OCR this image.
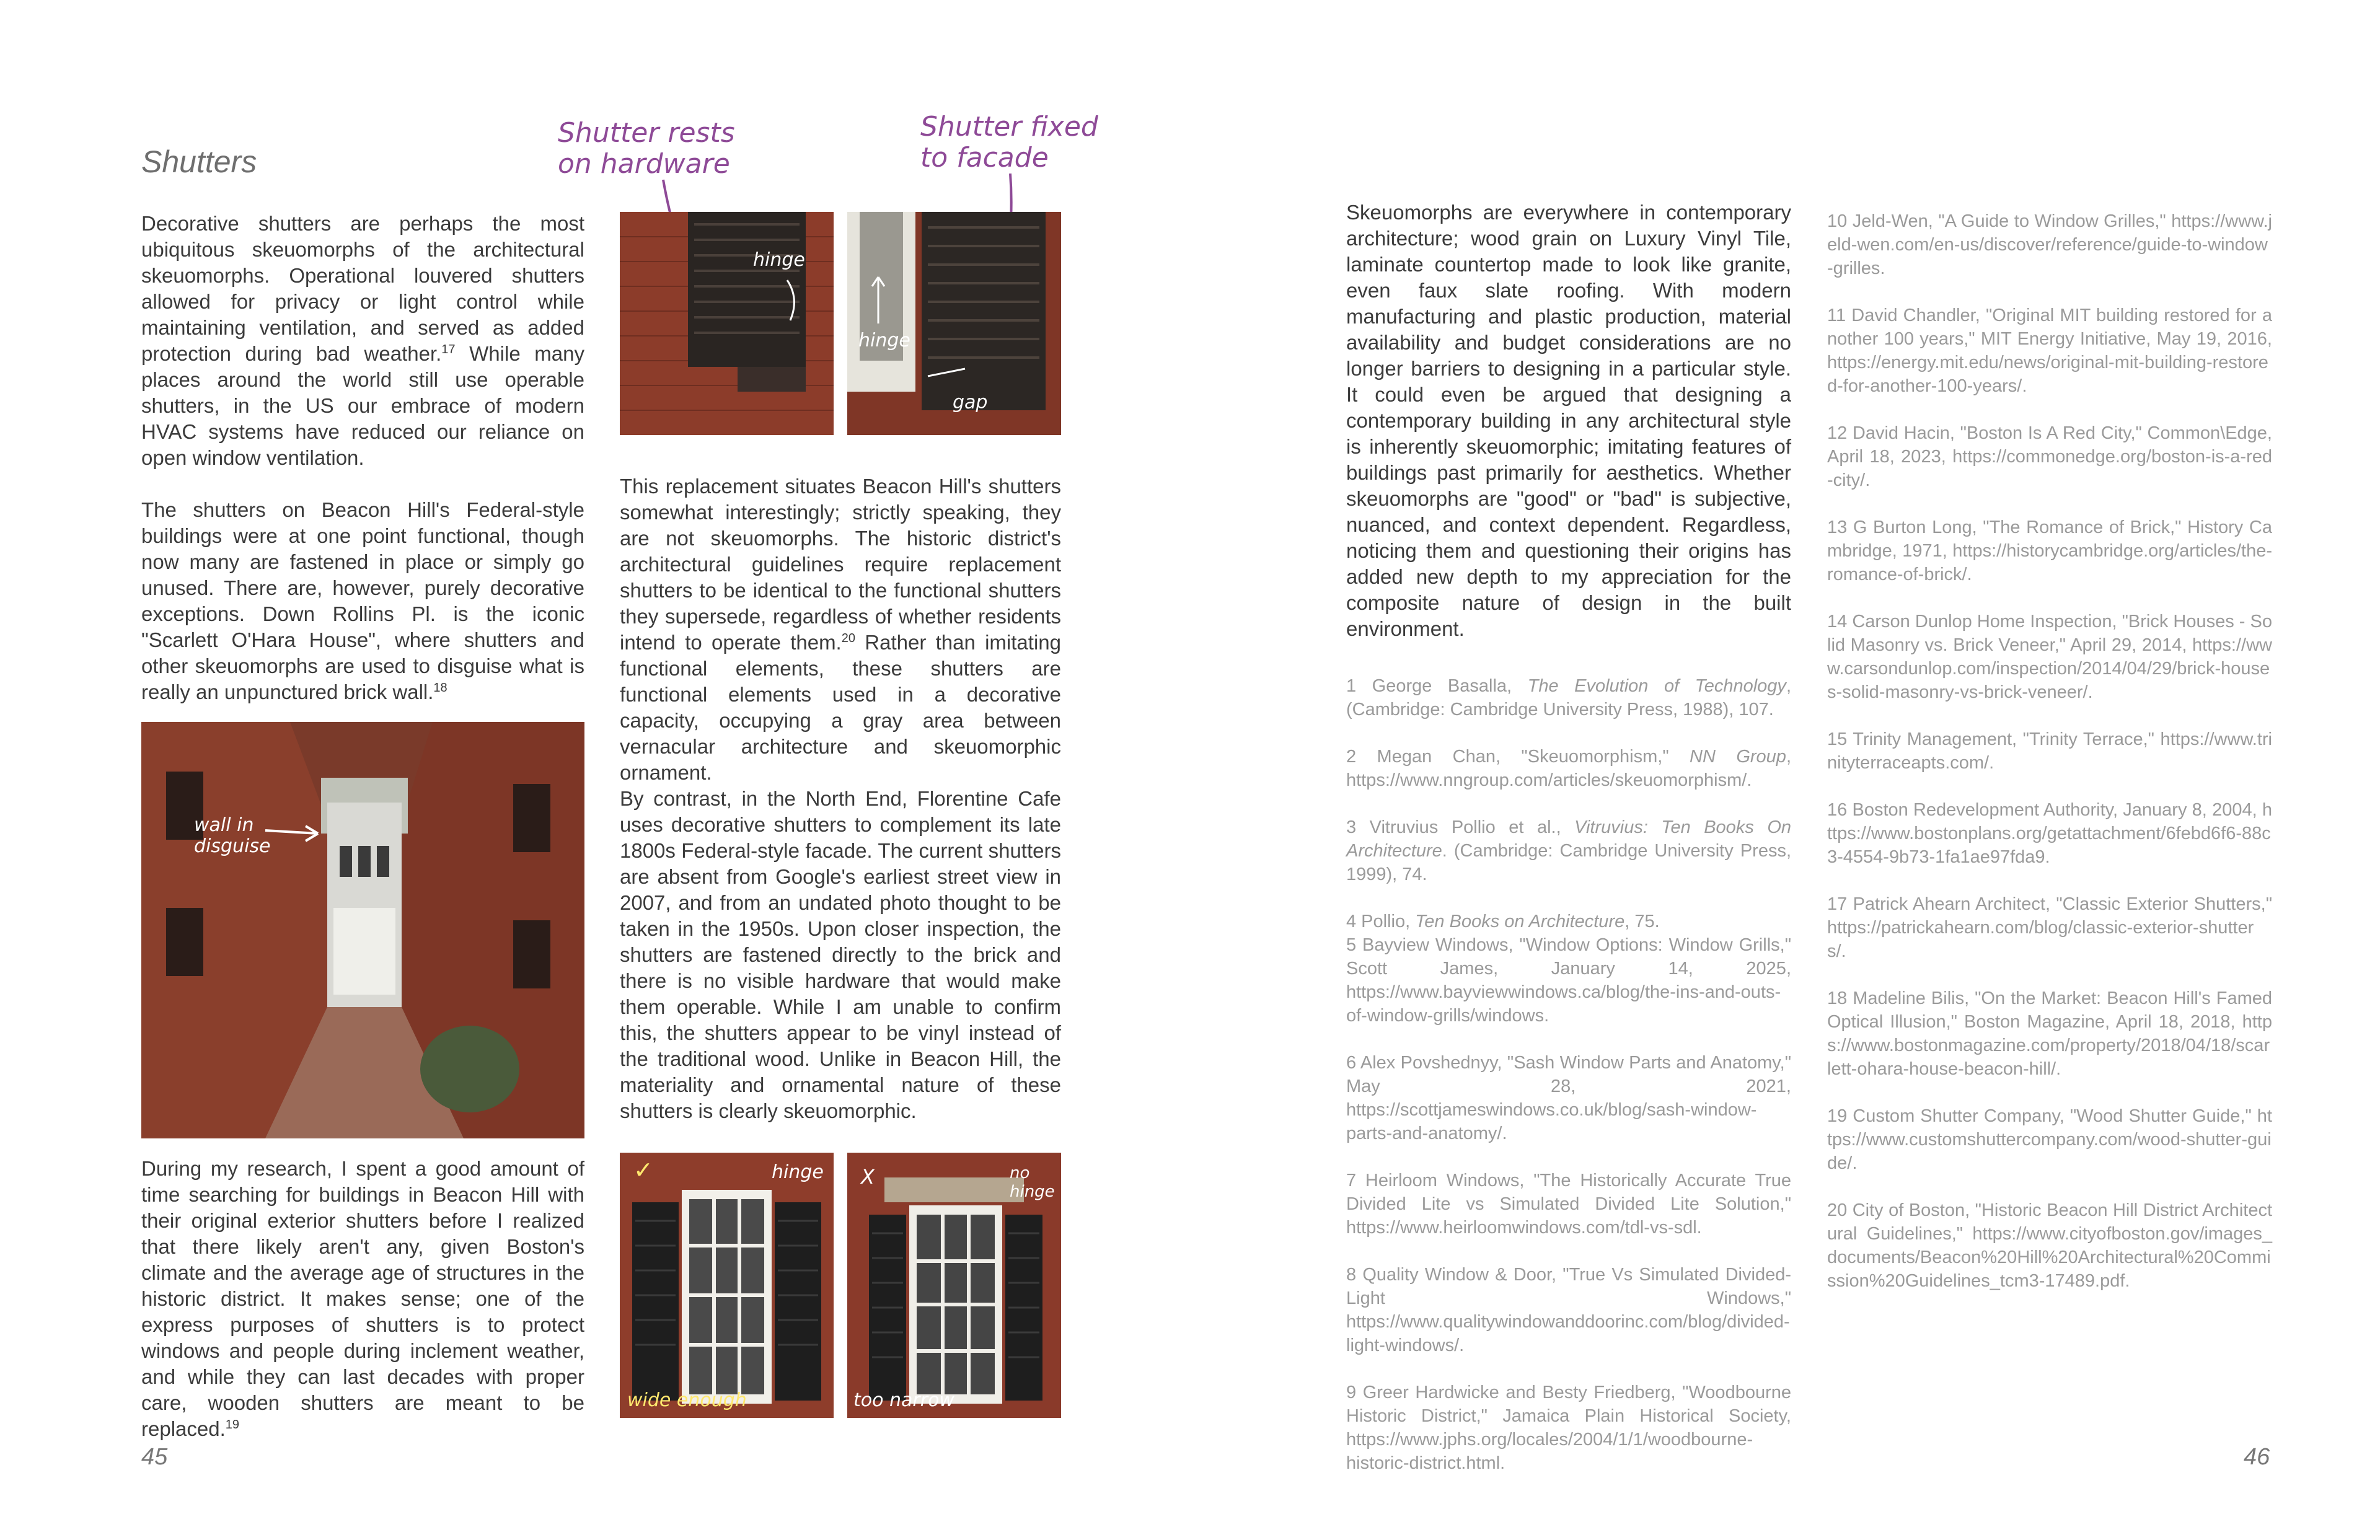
Shutters
Shutter rests on hardware
Shutter fixed to facade

Decorative shutters are perhaps the most ubiquitous skeuomorphs of the architectural skeuomorphs. Operational louvered shutters allowed for privacy or light control while maintaining ventilation, and served as added protection during bad weather.$^{17}$ While many places around the world still use operable shutters, in the US our embrace of modern HVAC systems have reduced our reliance on open window ventilation.

The shutters on Beacon Hill's Federal-style buildings were at one point functional, though now many are fastened in place or simply go unused. There are, however, purely decorative exceptions. Down Rollins Pl. is the iconic "Scarlett O'Hara House", where shutters and other skeuomorphs are used to disguise what is really an unpunctured brick wall.$^{18}$

wall in disguise

During my research, I spent a good amount of time searching for buildings in Beacon Hill with their original exterior shutters before I realized that there likely aren't any, given Boston's climate and the average age of structures in the historic district. It makes sense; one of the express purposes of shutters is to protect windows and people during inclement weather, and while they can last decades with proper care, wooden shutters are meant to be replaced.$^{19}$

hinge
hinge
gap

This replacement situates Beacon Hill's shutters somewhat interestingly; strictly speaking, they are not skeuomorphs. The historic district's architectural guidelines require replacement shutters to be identical to the functional shutters they supersede, regardless of whether residents intend to operate them.$^{20}$ Rather than imitating functional elements, these shutters are functional elements used in a decorative capacity, occupying a gray area between vernacular architecture and skeuomorphic ornament.

By contrast, in the North End, Florentine Cafe uses decorative shutters to complement its late 1800s Federal-style facade. The current shutters are absent from Google's earliest street view in 2007, and from an undated photo thought to be taken in the 1950s. Upon closer inspection, the shutters are fastened directly to the brick and there is no visible hardware that would make them operable. While I am unable to confirm this, the shutters appear to be vinyl instead of the traditional wood. Unlike in Beacon Hill, the materiality and ornamental nature of these shutters is clearly skeuomorphic.

✓	hinge
wide enough
X	no hinge
too narrow
45

Skeuomorphs are everywhere in contemporary architecture; wood grain on Luxury Vinyl Tile, laminate countertop made to look like granite, even faux slate roofing. With modern manufacturing and plastic production, material availability and budget considerations are no longer barriers to designing in a particular style. It could even be argued that designing a contemporary building in any architectural style is inherently skeuomorphic; imitating features of buildings past primarily for aesthetics. Whether skeuomorphs are "good" or "bad" is subjective, nuanced, and context dependent. Regardless, noticing them and questioning their origins has added new depth to my appreciation for the composite nature of design in the built environment.

1 George Basalla, The Evolution of Technology, (Cambridge: Cambridge University Press, 1988), 107.

2 Megan Chan, "Skeuomorphism," NN Group, https://www.nngroup.com/articles/skeuomorphism/.

3 Vitruvius Pollio et al., Vitruvius: Ten Books On Architecture. (Cambridge: Cambridge University Press, 1999), 74.

4 Pollio, Ten Books on Architecture, 75.

5 Bayview Windows, "Window Options: Window Grills," Scott James, January 14, 2025, https://www.bayviewwindows.ca/blog/the-ins-and-outs-of-window-grills/windows.

6 Alex Povshednyy, "Sash Window Parts and Anatomy," May 28, 2021, https://scottjameswindows.co.uk/blog/sash-window-parts-and-anatomy/.

7 Heirloom Windows, "The Historically Accurate True Divided Lite vs Simulated Divided Lite Solution," https://www.heirloomwindows.com/tdl-vs-sdl.

8 Quality Window & Door, "True Vs Simulated Divided-Light Windows," https://www.qualitywindowanddoorinc.com/blog/divided-light-windows/.

9 Greer Hardwicke and Besty Friedberg, "Woodbourne Historic District," Jamaica Plain Historical Society, https://www.jphs.org/locales/2004/1/1/woodbourne-historic-district.html.

10 Jeld-Wen, "A Guide to Window Grilles," https://www.jeld-wen.com/en-us/discover/reference/guide-to-window-grilles.

11 David Chandler, "Original MIT building restored for another 100 years," MIT Energy Initiative, May 19, 2016, https://energy.mit.edu/news/original-mit-building-restored-for-another-100-years/.

12 David Hacin, "Boston Is A Red City," Common\Edge, April 18, 2023, https://commonedge.org/boston-is-a-red-city/.

13 G Burton Long, "The Romance of Brick," History Cambridge, 1971, https://historycambridge.org/articles/the-romance-of-brick/.

14 Carson Dunlop Home Inspection, "Brick Houses - Solid Masonry vs. Brick Veneer," April 29, 2014, https://www.carsondunlop.com/inspection/2014/04/29/brick-houses-solid-masonry-vs-brick-veneer/.

15 Trinity Management, "Trinity Terrace," https://www.trinityterraceapts.com/.

16 Boston Redevelopment Authority, January 8, 2004, https://www.bostonplans.org/getattachment/6febd6f6-88c3-4554-9b73-1fa1ae97fda9.

17 Patrick Ahearn Architect, "Classic Exterior Shutters," https://patrickahearn.com/blog/classic-exterior-shutters/.

18 Madeline Bilis, "On the Market: Beacon Hill's Famed Optical Illusion," Boston Magazine, April 18, 2018, https://www.bostonmagazine.com/property/2018/04/18/scarlett-ohara-house-beacon-hill/.

19 Custom Shutter Company, "Wood Shutter Guide," https://www.customshuttercompany.com/wood-shutter-guide/.

20 City of Boston, "Historic Beacon Hill District Architectural Guidelines," https://www.cityofboston.gov/images_documents/Beacon%20Hill%20Architectural%20Commission%20Guidelines_tcm3-17489.pdf.

46
